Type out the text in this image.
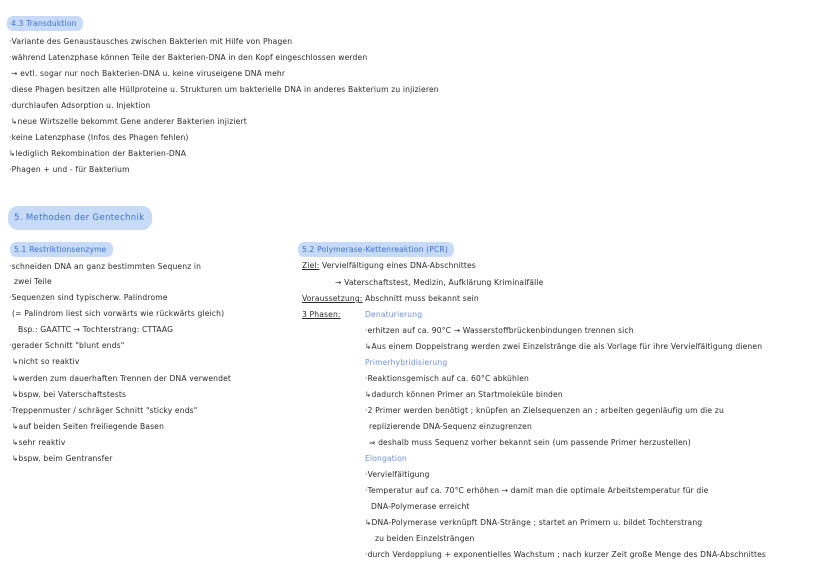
4.3 Transduktion
·Variante des Genaustausches zwischen Bakterien mit Hilfe von Phagen
·während Latenzphase können Teile der Bakterien-DNA in den Kopf eingeschlossen werden
→ evtl. sogar nur noch Bakterien-DNA u. keine viruseigene DNA mehr
·diese Phagen besitzen alle Hüllproteine u. Strukturen um bakterielle DNA in anderes Bakterium zu injizieren
·durchlaufen Adsorption u. Injektion
↳neue Wirtszelle bekommt Gene anderer Bakterien injiziert
·keine Latenzphase (Infos des Phagen fehlen)
↳lediglich Rekombination der Bakterien-DNA
·Phagen + und - für Bakterium
5. Methoden der Gentechnik
5.1 Restriktionsenzyme
·schneiden DNA an ganz bestimmten Sequenz in
zwei Teile
·Sequenzen sind typischerw. Palindrome
(= Palindrom liest sich vorwärts wie rückwärts gleich)
Bsp.: GAATTC → Tochterstrang: CTTAAG
·gerader Schnitt "blunt ends"
↳nicht so reaktiv
↳werden zum dauerhaften Trennen der DNA verwendet
↳bspw. bei Vaterschaftstests
·Treppenmuster / schräger Schnitt "sticky ends"
↳auf beiden Seiten freiliegende Basen
↳sehr reaktiv
↳bspw. beim Gentransfer
5.2 Polymerase-Kettenreaktion (PCR)
Ziel: Vervielfältigung eines DNA-Abschnittes
→ Vaterschaftstest, Medizin, Aufklärung Kriminalfälle
Voraussetzung: Abschnitt muss bekannt sein
3 Phasen:	Denaturierung
·erhitzen auf ca. 90°C → Wasserstoffbrückenbindungen trennen sich
↳Aus einem Doppelstrang werden zwei Einzelstränge die als Vorlage für ihre Vervielfältigung dienen
Primerhybridisierung
·Reaktionsgemisch auf ca. 60°C abkühlen
↳dadurch können Primer an Startmoleküle binden
·2 Primer werden benötigt ; knüpfen an Zielsequenzen an ; arbeiten gegenläufig um die zu
replizierende DNA-Sequenz einzugrenzen
⇒ deshalb muss Sequenz vorher bekannt sein (um passende Primer herzustellen)
Elongation
·Vervielfältigung
·Temperatur auf ca. 70°C erhöhen → damit man die optimale Arbeitstemperatur für die
DNA-Polymerase erreicht
↳DNA-Polymerase verknüpft DNA-Stränge ; startet an Primern u. bildet Tochterstrang
zu beiden Einzelsträngen
·durch Verdopplung + exponentielles Wachstum ; nach kurzer Zeit große Menge des DNA-Abschnittes
